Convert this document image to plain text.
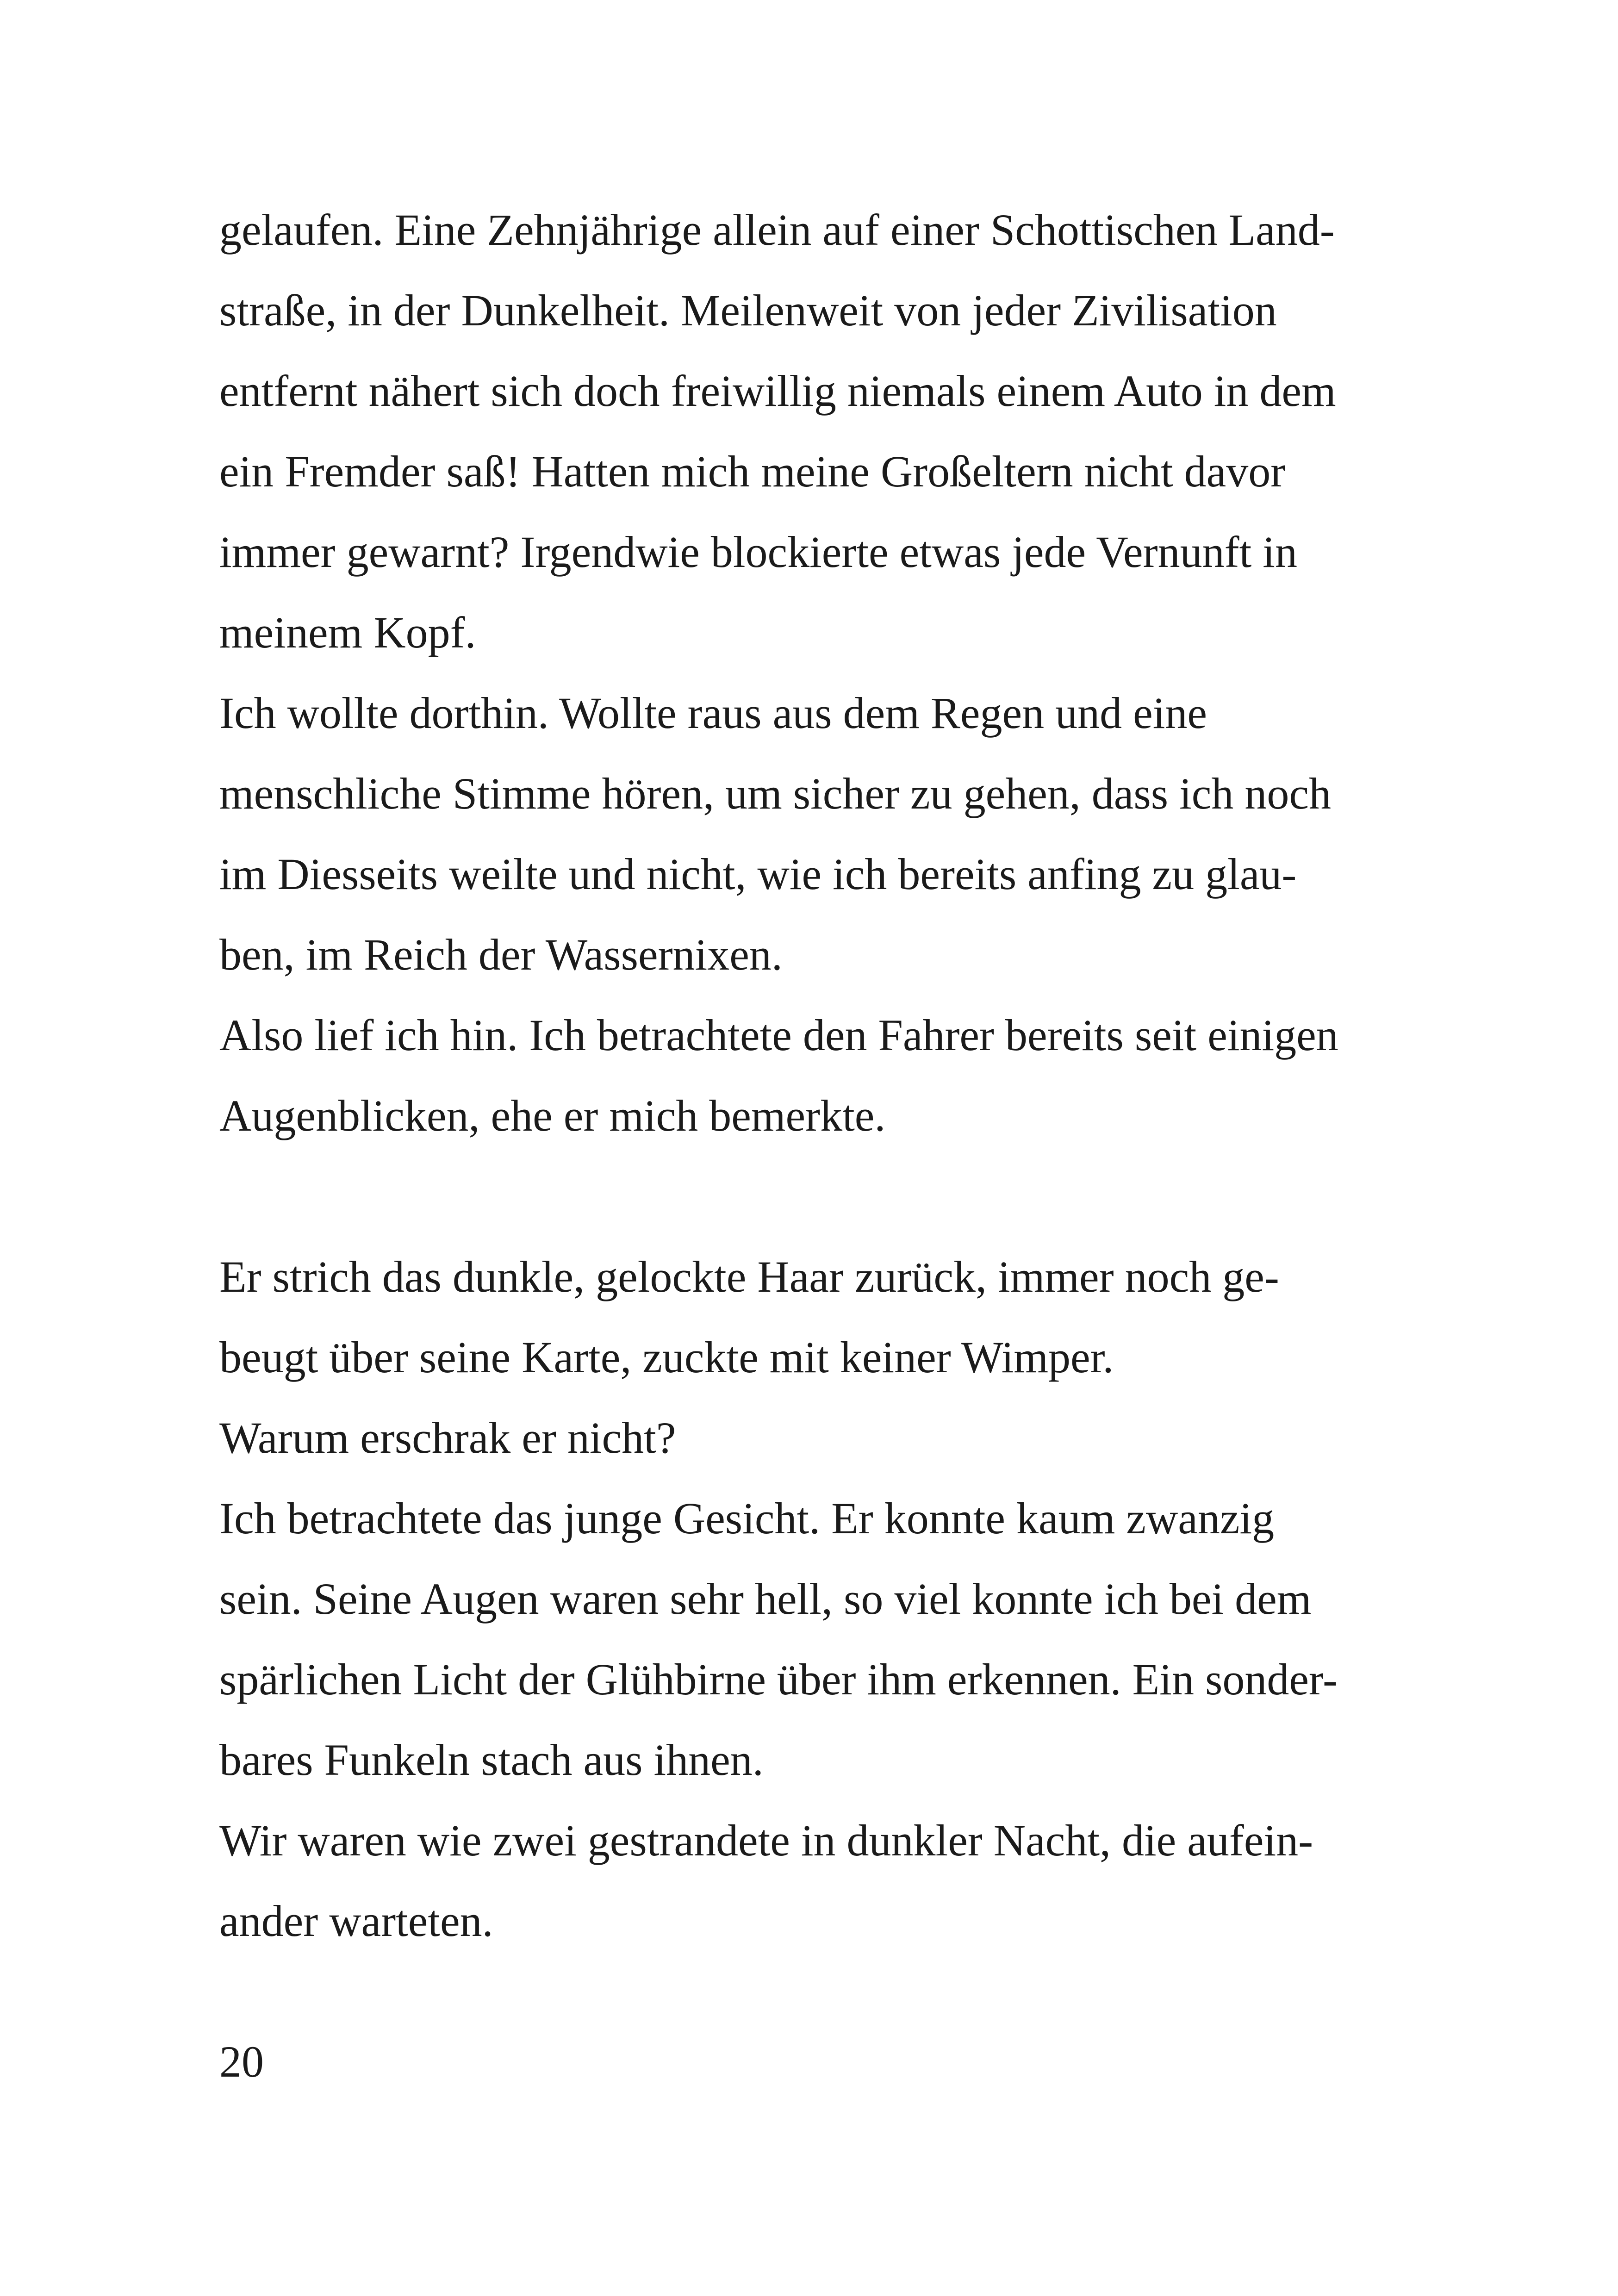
gelaufen. Eine Zehnjährige allein auf einer Schottischen Land-
straße, in der Dunkelheit. Meilenweit von jeder Zivilisation
entfernt nähert sich doch freiwillig niemals einem Auto in dem
ein Fremder saß! Hatten mich meine Großeltern nicht davor
immer gewarnt? Irgendwie blockierte etwas jede Vernunft in
meinem Kopf.
Ich wollte dorthin. Wollte raus aus dem Regen und eine
menschliche Stimme hören, um sicher zu gehen, dass ich noch
im Diesseits weilte und nicht, wie ich bereits anfing zu glau-
ben, im Reich der Wassernixen.
Also lief ich hin. Ich betrachtete den Fahrer bereits seit einigen
Augenblicken, ehe er mich bemerkte.
Er strich das dunkle, gelockte Haar zurück, immer noch ge-
beugt über seine Karte, zuckte mit keiner Wimper.
Warum erschrak er nicht?
Ich betrachtete das junge Gesicht. Er konnte kaum zwanzig
sein. Seine Augen waren sehr hell, so viel konnte ich bei dem
spärlichen Licht der Glühbirne über ihm erkennen. Ein sonder-
bares Funkeln stach aus ihnen.
Wir waren wie zwei gestrandete in dunkler Nacht, die aufein-
ander warteten.
20
